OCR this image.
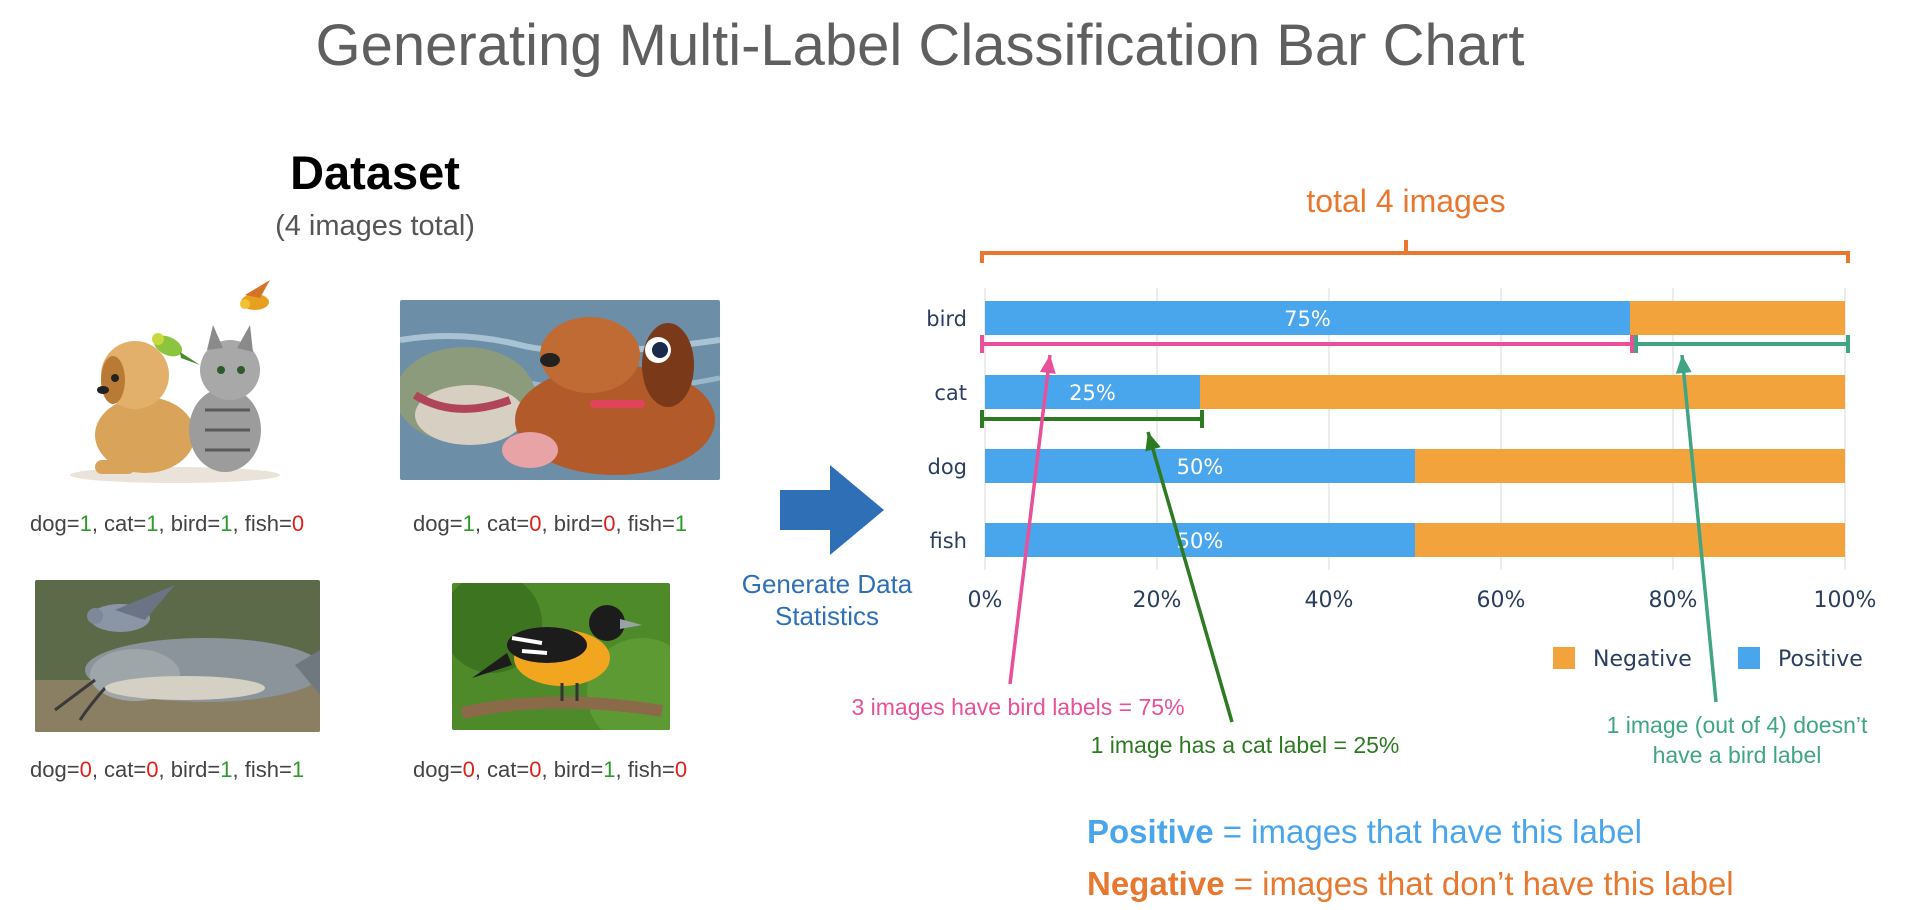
Generating Multi-Label Classification Bar Chart
Dataset
(4 images total)
dog=1, cat=1, bird=1, fish=0	dog=1, cat=0, bird=0, fish=1
dog=0, cat=0, bird=1, fish=1	dog=0, cat=0, bird=1, fish=0
Generate Data
Statistics
0%	20%	40%	60%	80%	100%
bird	75%
cat	25%
dog	50%
fish	50%
Negative	Positive
total 4 images
3 images have bird labels = 75%
1 image has a cat label = 25%
1 image (out of 4) doesn’t
have a bird label
Positive = images that have this label
Negative = images that don’t have this label
